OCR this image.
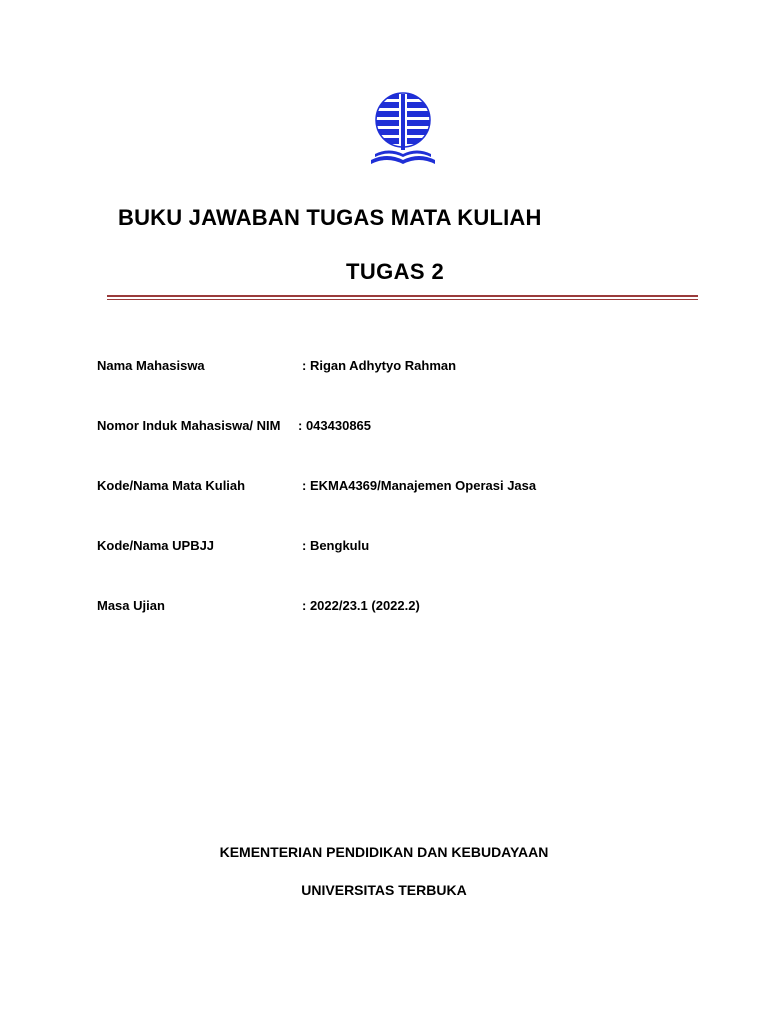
BUKU JAWABAN TUGAS MATA KULIAH
TUGAS 2

Nama Mahasiswa	: Rigan Adhytyo Rahman

Nomor Induk Mahasiswa/ NIM : 043430865

Kode/Nama Mata Kuliah	: EKMA4369/Manajemen Operasi Jasa

Kode/Nama UPBJJ	: Bengkulu

Masa Ujian	: 2022/23.1 (2022.2)

KEMENTERIAN PENDIDIKAN DAN KEBUDAYAAN

UNIVERSITAS TERBUKA
